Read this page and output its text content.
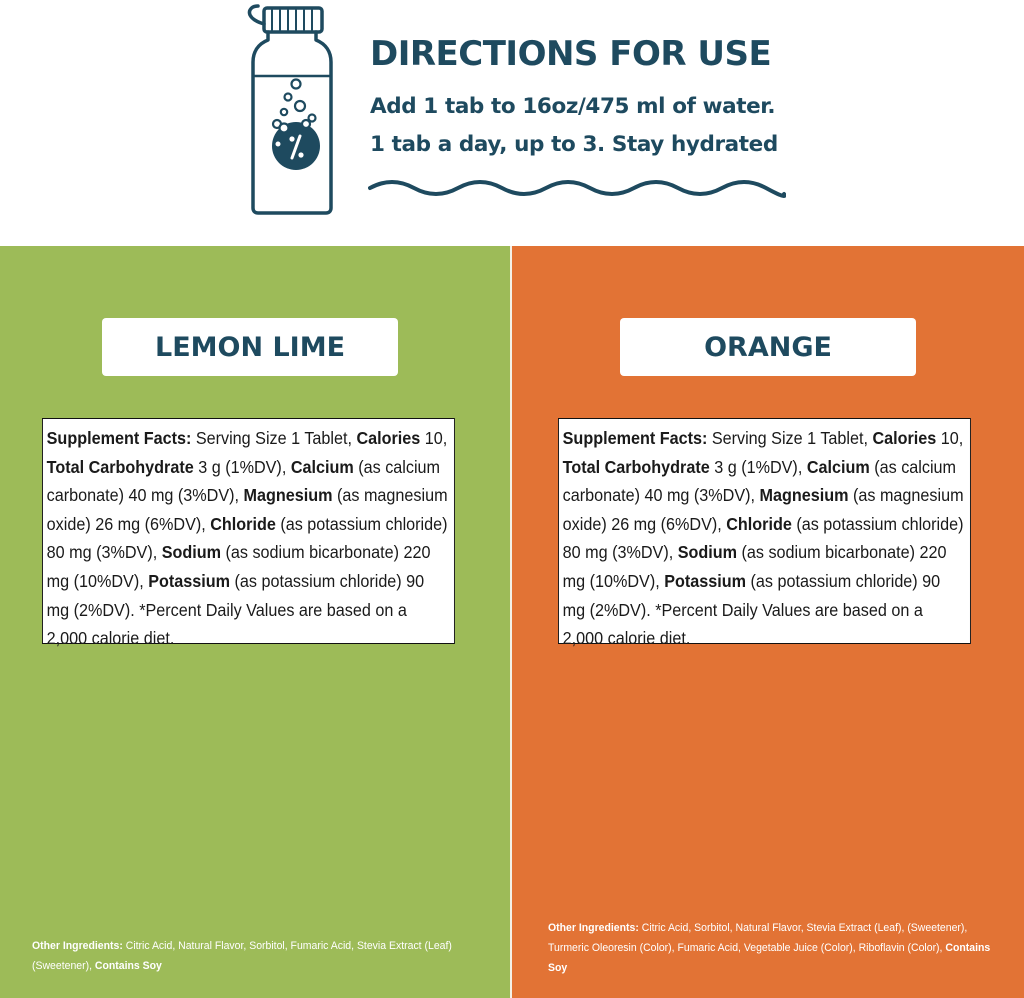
DIRECTIONS FOR USE

Add 1 tab to 16oz/475 ml of water.

1 tab a day, up to 3. Stay hydrated

LEMON LIME
Supplement Facts: Serving Size 1 Tablet, Calories 10, Total Carbohydrate 3 g (1%DV), Calcium (as calcium carbonate) 40 mg (3%DV), Magnesium (as magnesium oxide) 26 mg (6%DV), Chloride (as potassium chloride) 80 mg (3%DV), Sodium (as sodium bicarbonate) 220 mg (10%DV), Potassium (as potassium chloride) 90 mg (2%DV). *Percent Daily Values are based on a 2,000 calorie diet.
Other Ingredients: Citric Acid, Natural Flavor, Sorbitol, Fumaric Acid, Stevia Extract (Leaf) (Sweetener), Contains Soy
ORANGE
Supplement Facts: Serving Size 1 Tablet, Calories 10, Total Carbohydrate 3 g (1%DV), Calcium (as calcium carbonate) 40 mg (3%DV), Magnesium (as magnesium oxide) 26 mg (6%DV), Chloride (as potassium chloride) 80 mg (3%DV), Sodium (as sodium bicarbonate) 220 mg (10%DV), Potassium (as potassium chloride) 90 mg (2%DV). *Percent Daily Values are based on a 2,000 calorie diet.
Other Ingredients: Citric Acid, Sorbitol, Natural Flavor, Stevia Extract (Leaf), (Sweetener), Turmeric Oleoresin (Color), Fumaric Acid, Vegetable Juice (Color), Riboflavin (Color), Contains Soy
